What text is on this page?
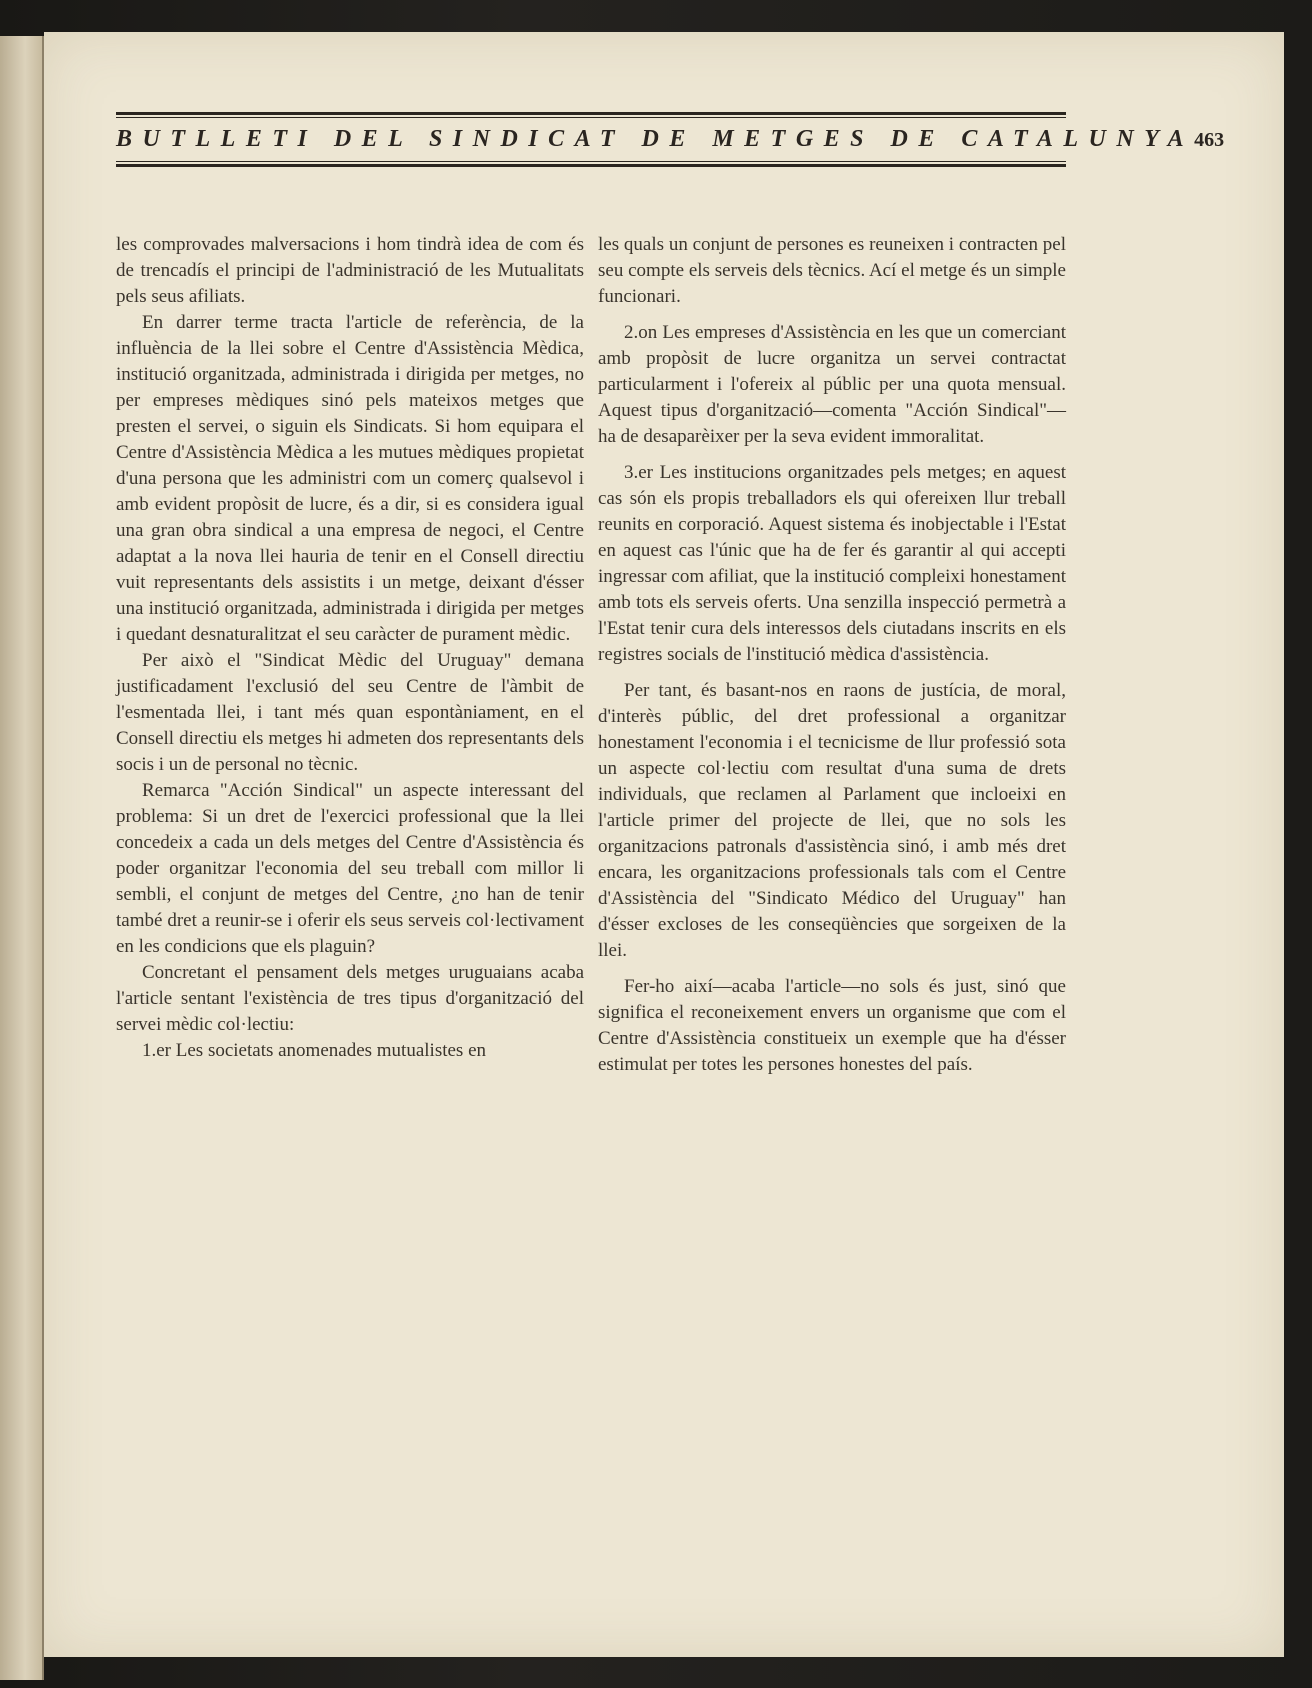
BUTLLETI DEL SINDICAT DE METGES DE CATALUNYA 463

les comprovades malversacions i hom tindrà idea de com és de trencadís el principi de l'administració de les Mutualitats pels seus afiliats.

En darrer terme tracta l'article de referència, de la influència de la llei sobre el Centre d'Assistència Mèdica, institució organitzada, administrada i dirigida per metges, no per empreses mèdiques sinó pels mateixos metges que presten el servei, o siguin els Sindicats. Si hom equipara el Centre d'Assistència Mèdica a les mutues mèdiques propietat d'una persona que les administri com un comerç qualsevol i amb evident propòsit de lucre, és a dir, si es considera igual una gran obra sindical a una empresa de negoci, el Centre adaptat a la nova llei hauria de tenir en el Consell directiu vuit representants dels assistits i un metge, deixant d'ésser una institució organitzada, administrada i dirigida per metges i quedant desnaturalitzat el seu caràcter de purament mèdic.

Per això el "Sindicat Mèdic del Uruguay" demana justificadament l'exclusió del seu Centre de l'àmbit de l'esmentada llei, i tant més quan espontàniament, en el Consell directiu els metges hi admeten dos representants dels socis i un de personal no tècnic.

Remarca "Acción Sindical" un aspecte interessant del problema: Si un dret de l'exercici professional que la llei concedeix a cada un dels metges del Centre d'Assistència és poder organitzar l'economia del seu treball com millor li sembli, el conjunt de metges del Centre, ¿no han de tenir també dret a reunir-se i oferir els seus serveis col·lectivament en les condicions que els plaguin?

Concretant el pensament dels metges uruguaians acaba l'article sentant l'existència de tres tipus d'organització del servei mèdic col·lectiu:

1.er Les societats anomenades mutualistes en

les quals un conjunt de persones es reuneixen i contracten pel seu compte els serveis dels tècnics. Ací el metge és un simple funcionari.

2.on Les empreses d'Assistència en les que un comerciant amb propòsit de lucre organitza un servei contractat particularment i l'ofereix al públic per una quota mensual. Aquest tipus d'organització—comenta "Acción Sindical"—ha de desaparèixer per la seva evident immoralitat.

3.er Les institucions organitzades pels metges; en aquest cas són els propis treballadors els qui ofereixen llur treball reunits en corporació. Aquest sistema és inobjectable i l'Estat en aquest cas l'únic que ha de fer és garantir al qui accepti ingressar com afiliat, que la institució compleixi honestament amb tots els serveis oferts. Una senzilla inspecció permetrà a l'Estat tenir cura dels interessos dels ciutadans inscrits en els registres socials de l'institució mèdica d'assistència.

Per tant, és basant-nos en raons de justícia, de moral, d'interès públic, del dret professional a organitzar honestament l'economia i el tecnicisme de llur professió sota un aspecte col·lectiu com resultat d'una suma de drets individuals, que reclamen al Parlament que incloeixi en l'article primer del projecte de llei, que no sols les organitzacions patronals d'assistència sinó, i amb més dret encara, les organitzacions professionals tals com el Centre d'Assistència del "Sindicato Médico del Uruguay" han d'ésser excloses de les conseqüències que sorgeixen de la llei.

Fer-ho així—acaba l'article—no sols és just, sinó que significa el reconeixement envers un organisme que com el Centre d'Assistència constitueix un exemple que ha d'ésser estimulat per totes les persones honestes del país.
